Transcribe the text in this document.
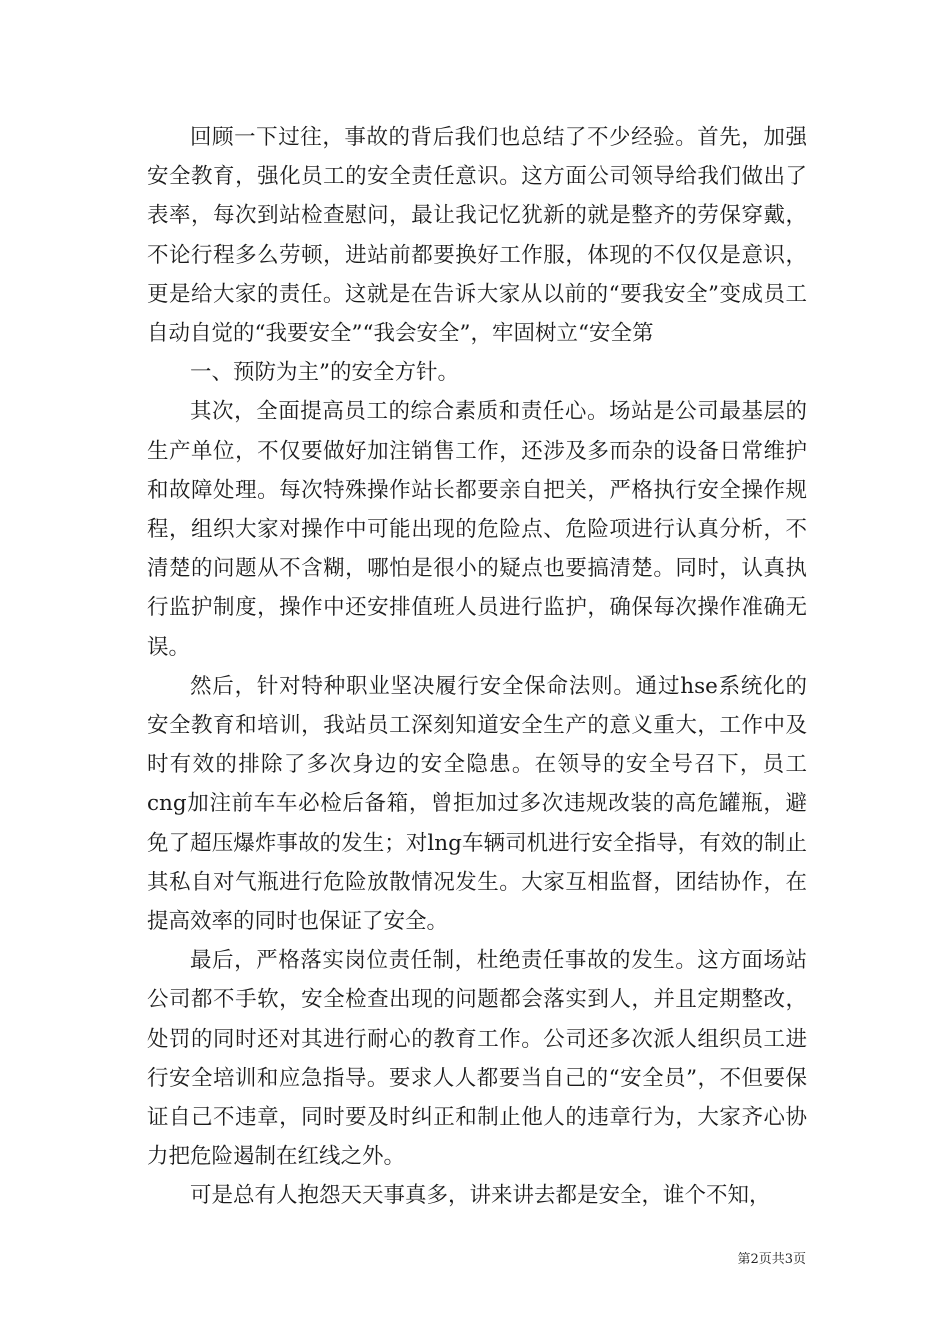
回顾一下过往，事故的背后我们也总结了不少经验。首先，加强安全教育，强化员工的安全责任意识。这方面公司领导给我们做出了表率，每次到站检查慰问，最让我记忆犹新的就是整齐的劳保穿戴，不论行程多么劳顿，进站前都要换好工作服，体现的不仅仅是意识，更是给大家的责任。这就是在告诉大家从以前的“要我安全”变成员工自动自觉的“我要安全”“我会安全”，牢固树立“安全第

一、预防为主”的安全方针。

其次，全面提高员工的综合素质和责任心。场站是公司最基层的生产单位，不仅要做好加注销售工作，还涉及多而杂的设备日常维护和故障处理。每次特殊操作站长都要亲自把关，严格执行安全操作规程，组织大家对操作中可能出现的危险点、危险项进行认真分析，不清楚的问题从不含糊，哪怕是很小的疑点也要搞清楚。同时，认真执行监护制度，操作中还安排值班人员进行监护，确保每次操作准确无误。

然后，针对特种职业坚决履行安全保命法则。通过hse系统化的安全教育和培训，我站员工深刻知道安全生产的意义重大，工作中及时有效的排除了多次身边的安全隐患。在领导的安全号召下，员工cng加注前车车必检后备箱，曾拒加过多次违规改装的高危罐瓶，避免了超压爆炸事故的发生；对lng车辆司机进行安全指导，有效的制止其私自对气瓶进行危险放散情况发生。大家互相监督，团结协作，在提高效率的同时也保证了安全。

最后，严格落实岗位责任制，杜绝责任事故的发生。这方面场站公司都不手软，安全检查出现的问题都会落实到人，并且定期整改，处罚的同时还对其进行耐心的教育工作。公司还多次派人组织员工进行安全培训和应急指导。要求人人都要当自己的“安全员”，不但要保证自己不违章，同时要及时纠正和制止他人的违章行为，大家齐心协力把危险遏制在红线之外。

可是总有人抱怨天天事真多，讲来讲去都是安全，谁个不知，

第2页共3页
